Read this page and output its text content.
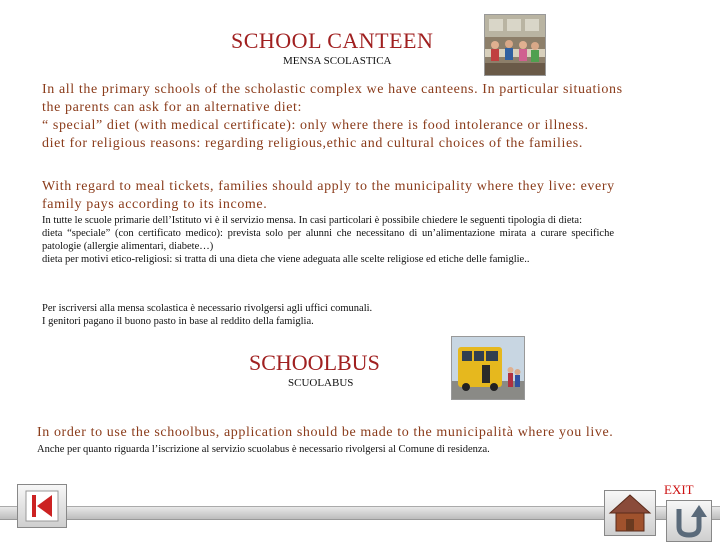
SCHOOL CANTEEN
MENSA SCOLASTICA
In all the primary schools of the scholastic complex we have canteens. In particular situations the parents can ask for an alternative diet:
“ special” diet (with medical certificate): only where there is food intolerance or illness.
diet for religious reasons: regarding religious,ethic and cultural choices of the families.
With regard to meal tickets, families should apply to the municipality where they live: every family pays according to its income.
In tutte le scuole primarie dell’Istituto vi è il servizio mensa. In casi particolari è possibile chiedere le seguenti tipologia di dieta:
dieta “speciale” (con certificato medico): prevista solo per alunni che necessitano di un’alimentazione mirata a curare specifiche patologie (allergie alimentari, diabete…)
dieta per motivi etico-religiosi: si tratta di una dieta che viene adeguata alle scelte religiose ed etiche delle famiglie..
Per iscriversi alla mensa scolastica è necessario rivolgersi agli uffici comunali.
I genitori pagano il buono pasto in base al reddito della famiglia.
SCHOOLBUS
SCUOLABUS
In order to use the schoolbus, application should be made to the municipalità where you live.
Anche per quanto riguarda l’iscrizione al servizio scuolabus è necessario rivolgersi al Comune di residenza.
EXIT
